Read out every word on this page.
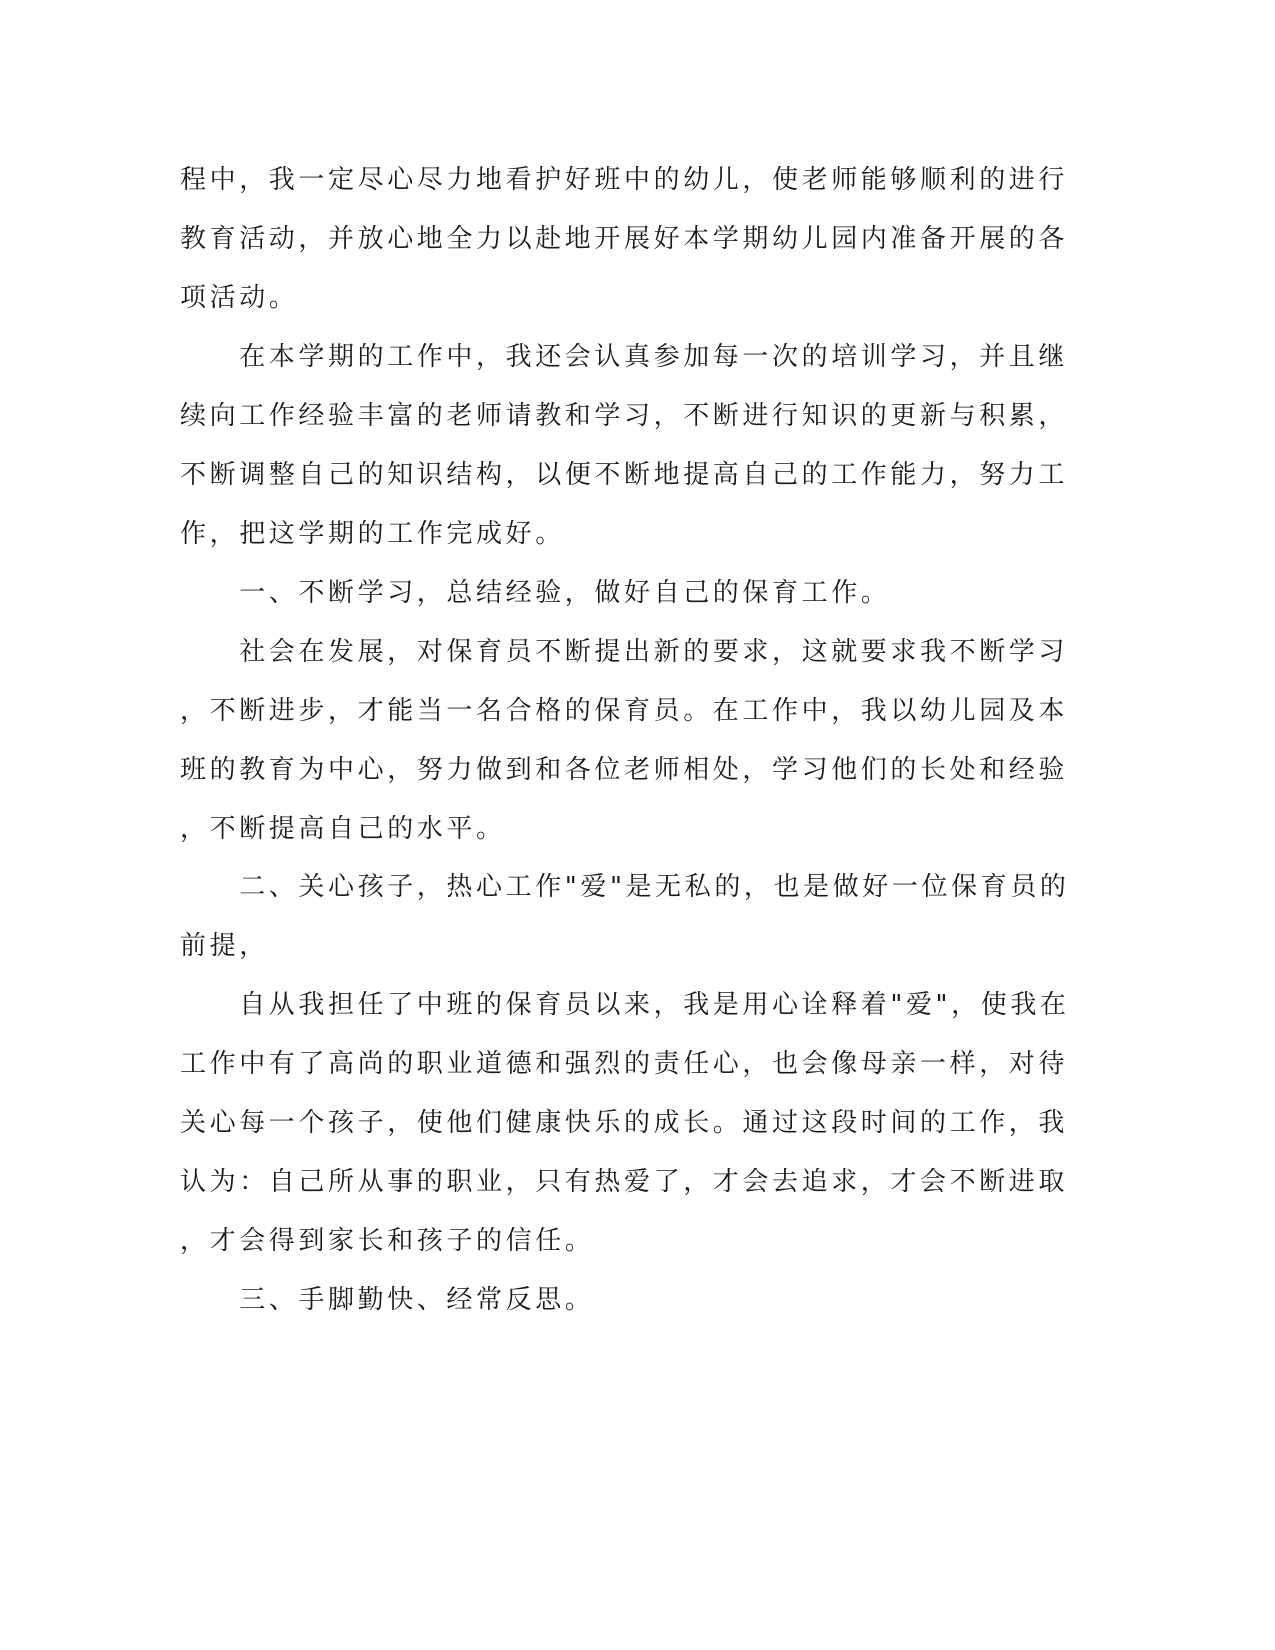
程中，我一定尽心尽力地看护好班中的幼儿，使老师能够顺利的进行
教育活动，并放心地全力以赴地开展好本学期幼儿园内准备开展的各
项活动。
　　在本学期的工作中，我还会认真参加每一次的培训学习，并且继
续向工作经验丰富的老师请教和学习，不断进行知识的更新与积累，
不断调整自己的知识结构，以便不断地提高自己的工作能力，努力工
作，把这学期的工作完成好。
　　一、不断学习，总结经验，做好自己的保育工作。
　　社会在发展，对保育员不断提出新的要求，这就要求我不断学习
，不断进步，才能当一名合格的保育员。在工作中，我以幼儿园及本
班的教育为中心，努力做到和各位老师相处，学习他们的长处和经验
，不断提高自己的水平。
　　二、关心孩子，热心工作"爱"是无私的，也是做好一位保育员的
前提，
　　自从我担任了中班的保育员以来，我是用心诠释着"爱"，使我在
工作中有了高尚的职业道德和强烈的责任心，也会像母亲一样，对待
关心每一个孩子，使他们健康快乐的成长。通过这段时间的工作，我
认为：自己所从事的职业，只有热爱了，才会去追求，才会不断进取
，才会得到家长和孩子的信任。
　　三、手脚勤快、经常反思。
